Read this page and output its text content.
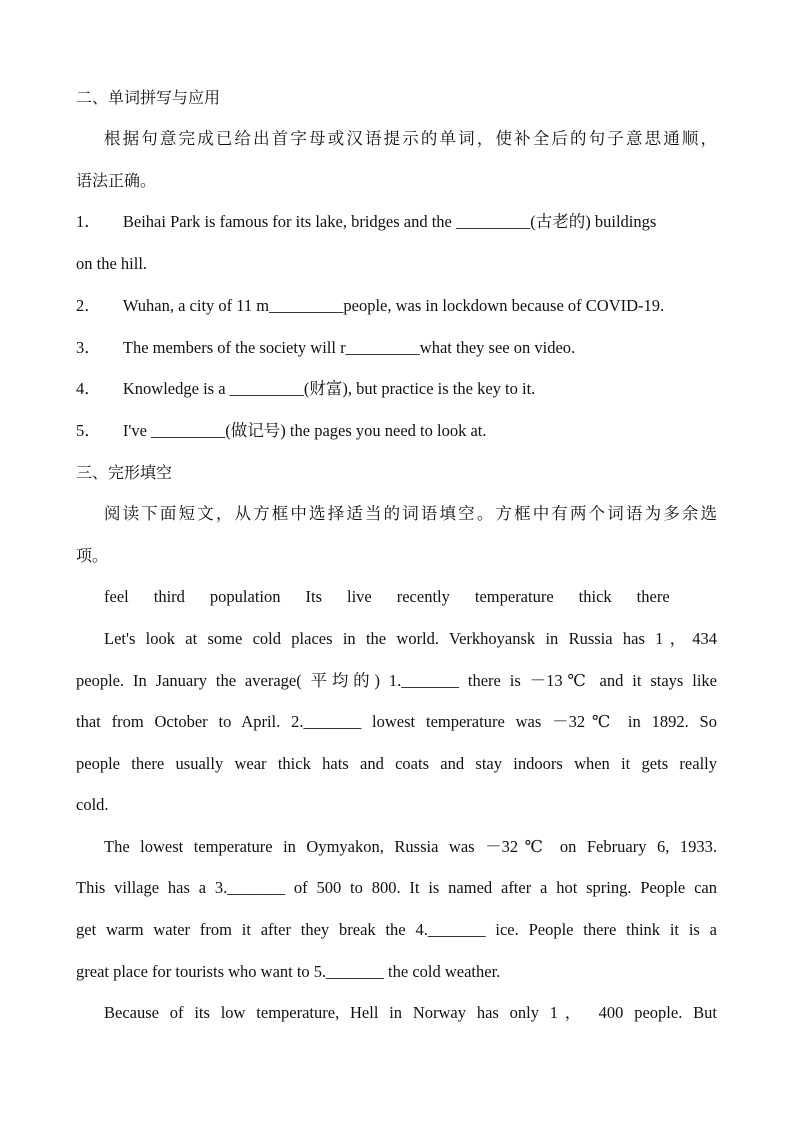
二、单词拼写与应用
根据句意完成已给出首字母或汉语提示的单词，使补全后的句子意思通顺，
语法正确。
1． Beihai Park is famous for its lake, bridges and the _________(古老的) buildings
on the hill.
2． Wuhan, a city of 11 m_________people, was in lockdown because of COVID-19.
3． The members of the society will r_________what they see on video.
4． Knowledge is a _________(财富), but practice is the key to it.
5． I've _________(做记号) the pages you need to look at.
三、完形填空
阅读下面短文，从方框中选择适当的词语填空。方框中有两个词语为多余选
项。
feel third population Its live recently temperature thick there
Let's look at some cold places in the world. Verkhoyansk in Russia has 1，434
people. In January the average( 平均的) 1._______ there is －13℃ and it stays like
that from October to April. 2._______ lowest temperature was －32℃ in 1892. So
people there usually wear thick hats and coats and stay indoors when it gets really
cold.
The lowest temperature in Oymyakon, Russia was －32℃ on February 6, 1933.
This village has a 3._______ of 500 to 800. It is named after a hot spring. People can
get warm water from it after they break the 4._______ ice. People there think it is a
great place for tourists who want to 5._______ the cold weather.
Because of its low temperature, Hell in Norway has only 1， 400 people. But
